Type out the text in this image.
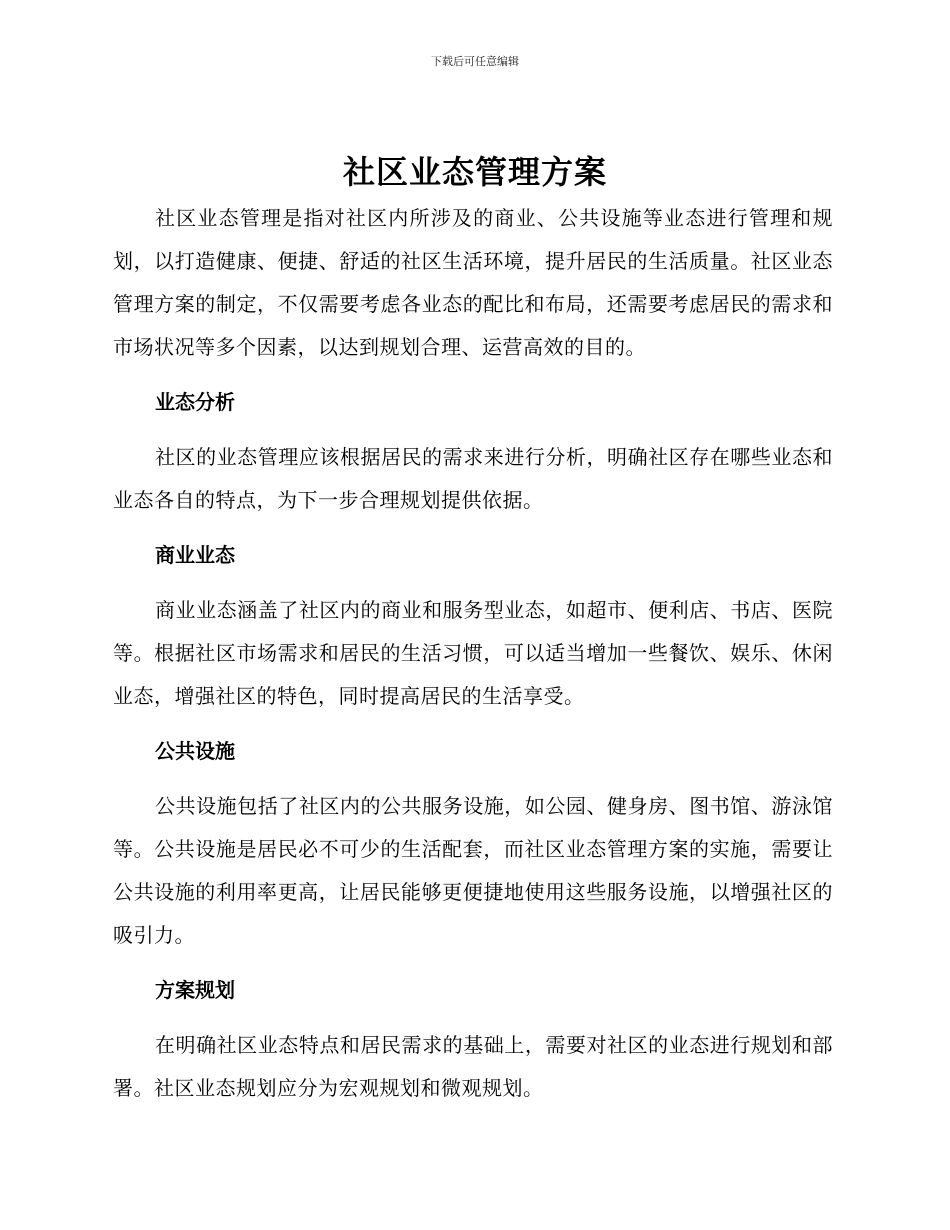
下载后可任意编辑
社区业态管理方案

社区业态管理是指对社区内所涉及的商业、公共设施等业态进行管理和规划，以打造健康、便捷、舒适的社区生活环境，提升居民的生活质量。社区业态管理方案的制定，不仅需要考虑各业态的配比和布局，还需要考虑居民的需求和市场状况等多个因素，以达到规划合理、运营高效的目的。

业态分析

社区的业态管理应该根据居民的需求来进行分析，明确社区存在哪些业态和业态各自的特点，为下一步合理规划提供依据。

商业业态

商业业态涵盖了社区内的商业和服务型业态，如超市、便利店、书店、医院等。根据社区市场需求和居民的生活习惯，可以适当增加一些餐饮、娱乐、休闲业态，增强社区的特色，同时提高居民的生活享受。

公共设施

公共设施包括了社区内的公共服务设施，如公园、健身房、图书馆、游泳馆等。公共设施是居民必不可少的生活配套，而社区业态管理方案的实施，需要让公共设施的利用率更高，让居民能够更便捷地使用这些服务设施，以增强社区的吸引力。

方案规划

在明确社区业态特点和居民需求的基础上，需要对社区的业态进行规划和部署。社区业态规划应分为宏观规划和微观规划。
